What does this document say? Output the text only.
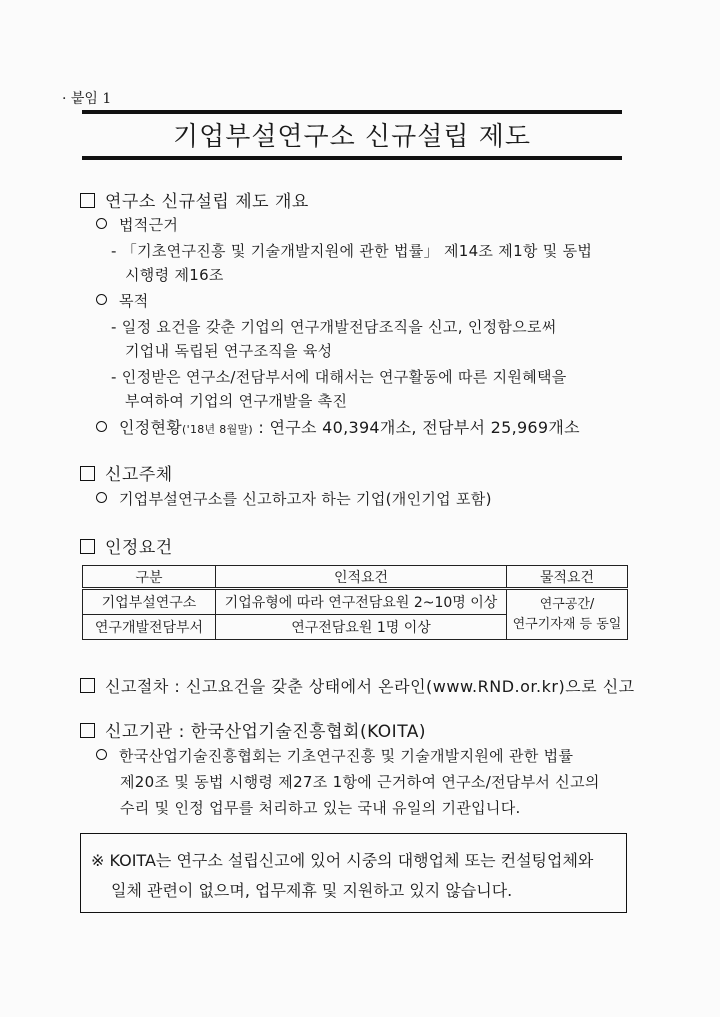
· 붙임 1
기업부설연구소 신규설립 제도
연구소 신규설립 제도 개요
법적근거
- 「기초연구진흥 및 기술개발지원에 관한 법률」 제14조 제1항 및 동법
시행령 제16조
목적
- 일정 요건을 갖춘 기업의 연구개발전담조직을 신고, 인정함으로써
기업내 독립된 연구조직을 육성
- 인정받은 연구소/전담부서에 대해서는 연구활동에 따른 지원혜택을
부여하여 기업의 연구개발을 촉진
인정현황('18년 8월말) : 연구소 40,394개소, 전담부서 25,969개소
신고주체
기업부설연구소를 신고하고자 하는 기업(개인기업 포함)
인정요건
구분	인적요건	물적요건
기업부설연구소	기업유형에 따라 연구전담요원 2~10명 이상	연구공간/
연구기자재 등 동일

연구개발전담부서	연구전담요원 1명 이상	
신고절차 : 신고요건을 갖춘 상태에서 온라인(www.RND.or.kr)으로 신고
신고기관 : 한국산업기술진흥협회(KOITA)
한국산업기술진흥협회는 기초연구진흥 및 기술개발지원에 관한 법률
제20조 및 동법 시행령 제27조 1항에 근거하여 연구소/전담부서 신고의
수리 및 인정 업무를 처리하고 있는 국내 유일의 기관입니다.
※ KOITA는 연구소 설립신고에 있어 시중의 대행업체 또는 컨설팅업체와
일체 관련이 없으며, 업무제휴 및 지원하고 있지 않습니다.
